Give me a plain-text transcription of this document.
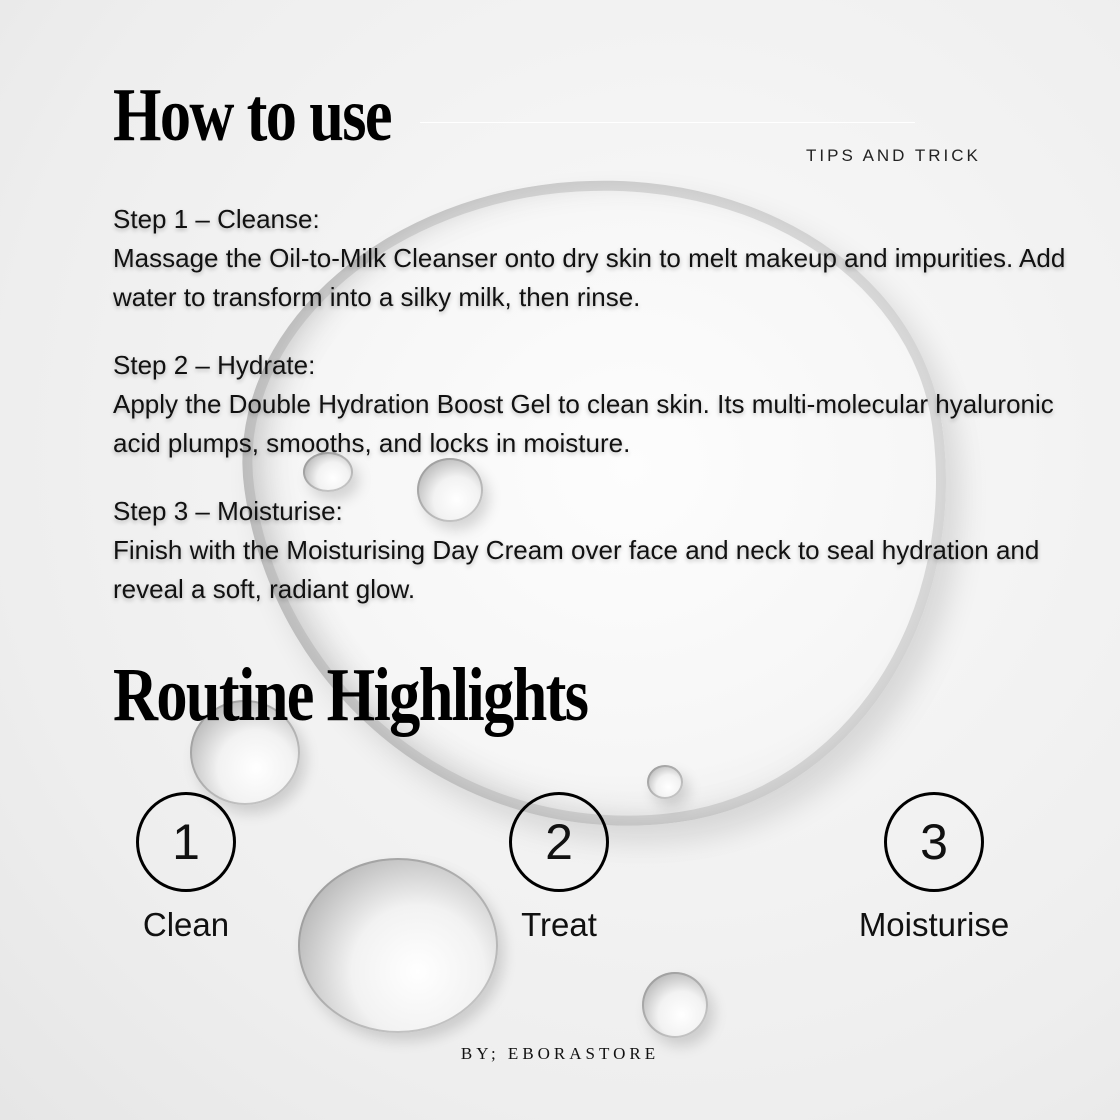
How to use	TIPS AND TRICK
Step 1 – Cleanse:
Massage the Oil-to-Milk Cleanser onto dry skin to melt makeup and impurities. Add water to transform into a silky milk, then rinse.
Step 2 – Hydrate:
Apply the Double Hydration Boost Gel to clean skin. Its multi-molecular hyaluronic acid plumps, smooths, and locks in moisture.
Step 3 – Moisturise:
Finish with the Moisturising Day Cream over face and neck to seal hydration and reveal a soft, radiant glow.
Routine Highlights
1
Clean
2
Treat
3
Moisturise
BY; EBORASTORE
